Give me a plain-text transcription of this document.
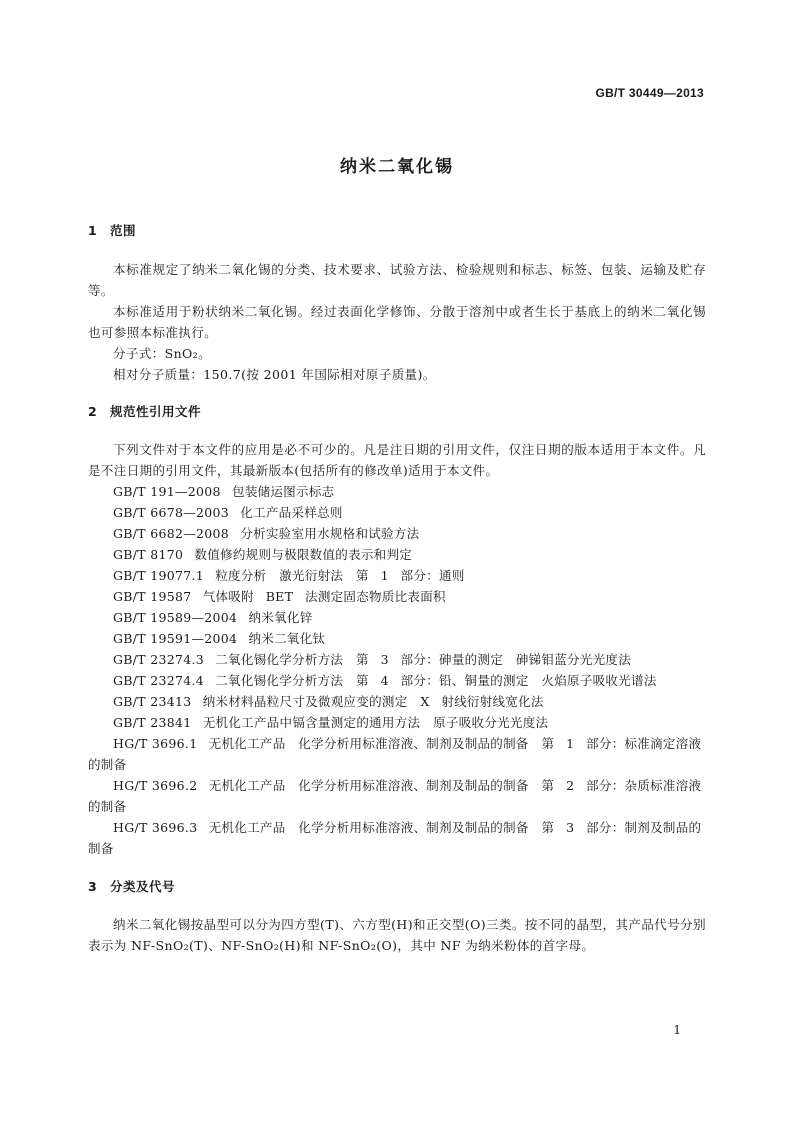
GB/T 30449—2013
纳米二氧化锡
1 范围

本标准规定了纳米二氧化锡的分类、技术要求、试验方法、检验规则和标志、标签、包装、运输及贮存等。

本标准适用于粉状纳米二氧化锡。经过表面化学修饰、分散于溶剂中或者生长于基底上的纳米二氧化锡也可参照本标准执行。

分子式：SnO₂。

相对分子质量：150.7(按 2001 年国际相对原子质量)。

2 规范性引用文件

下列文件对于本文件的应用是必不可少的。凡是注日期的引用文件，仅注日期的版本适用于本文件。凡是不注日期的引用文件，其最新版本(包括所有的修改单)适用于本文件。

GB/T 191—2008 包装储运图示标志

GB/T 6678—2003 化工产品采样总则

GB/T 6682—2008 分析实验室用水规格和试验方法

GB/T 8170 数值修约规则与极限数值的表示和判定

GB/T 19077.1 粒度分析　激光衍射法　第 1 部分：通则

GB/T 19587 气体吸附 BET 法测定固态物质比表面积

GB/T 19589—2004 纳米氧化锌

GB/T 19591—2004 纳米二氧化钛

GB/T 23274.3 二氧化锡化学分析方法　第 3 部分：砷量的测定　砷锑钼蓝分光光度法

GB/T 23274.4 二氧化锡化学分析方法　第 4 部分：铅、铜量的测定　火焰原子吸收光谱法

GB/T 23413 纳米材料晶粒尺寸及微观应变的测定　X 射线衍射线宽化法

GB/T 23841 无机化工产品中镉含量测定的通用方法　原子吸收分光光度法

HG/T 3696.1 无机化工产品　化学分析用标准溶液、制剂及制品的制备　第 1 部分：标准滴定溶液的制备

HG/T 3696.2 无机化工产品　化学分析用标准溶液、制剂及制品的制备　第 2 部分：杂质标准溶液的制备

HG/T 3696.3 无机化工产品　化学分析用标准溶液、制剂及制品的制备　第 3 部分：制剂及制品的制备

3 分类及代号

纳米二氧化锡按晶型可以分为四方型(T)、六方型(H)和正交型(O)三类。按不同的晶型，其产品代号分别表示为 NF-SnO₂(T)、NF-SnO₂(H)和 NF-SnO₂(O)，其中 NF 为纳米粉体的首字母。

1
